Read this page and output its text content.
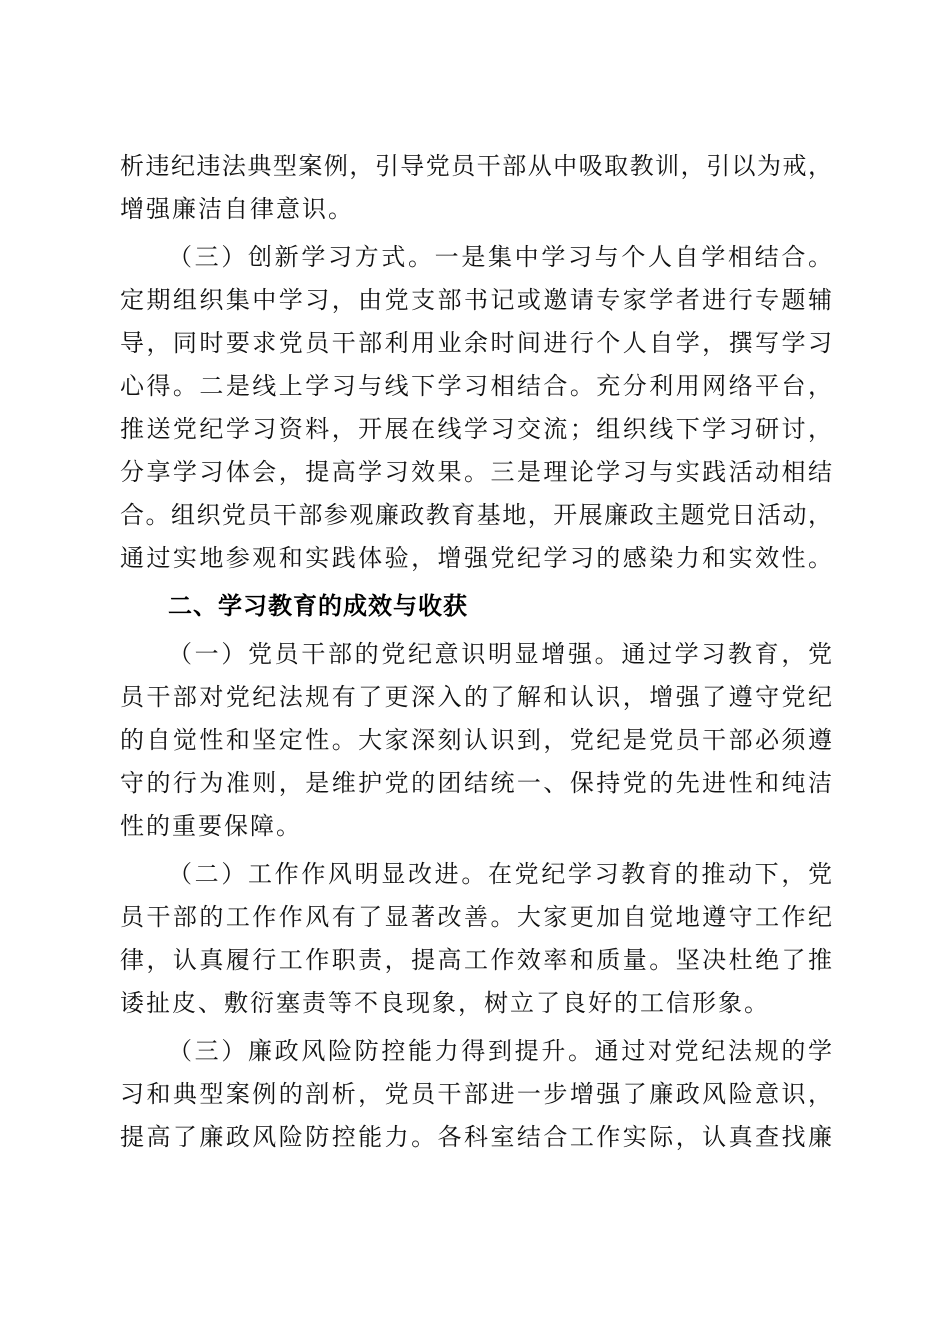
析违纪违法典型案例，引导党员干部从中吸取教训，引以为戒，
增强廉洁自律意识。
（三）创新学习方式。一是集中学习与个人自学相结合。
定期组织集中学习，由党支部书记或邀请专家学者进行专题辅
导，同时要求党员干部利用业余时间进行个人自学，撰写学习
心得。二是线上学习与线下学习相结合。充分利用网络平台，
推送党纪学习资料，开展在线学习交流；组织线下学习研讨，
分享学习体会，提高学习效果。三是理论学习与实践活动相结
合。组织党员干部参观廉政教育基地，开展廉政主题党日活动，
通过实地参观和实践体验，增强党纪学习的感染力和实效性。
二、学习教育的成效与收获
（一）党员干部的党纪意识明显增强。通过学习教育，党
员干部对党纪法规有了更深入的了解和认识，增强了遵守党纪
的自觉性和坚定性。大家深刻认识到，党纪是党员干部必须遵
守的行为准则，是维护党的团结统一、保持党的先进性和纯洁
性的重要保障。
（二）工作作风明显改进。在党纪学习教育的推动下，党
员干部的工作作风有了显著改善。大家更加自觉地遵守工作纪
律，认真履行工作职责，提高工作效率和质量。坚决杜绝了推
诿扯皮、敷衍塞责等不良现象，树立了良好的工信形象。
（三）廉政风险防控能力得到提升。通过对党纪法规的学
习和典型案例的剖析，党员干部进一步增强了廉政风险意识，
提高了廉政风险防控能力。各科室结合工作实际，认真查找廉
